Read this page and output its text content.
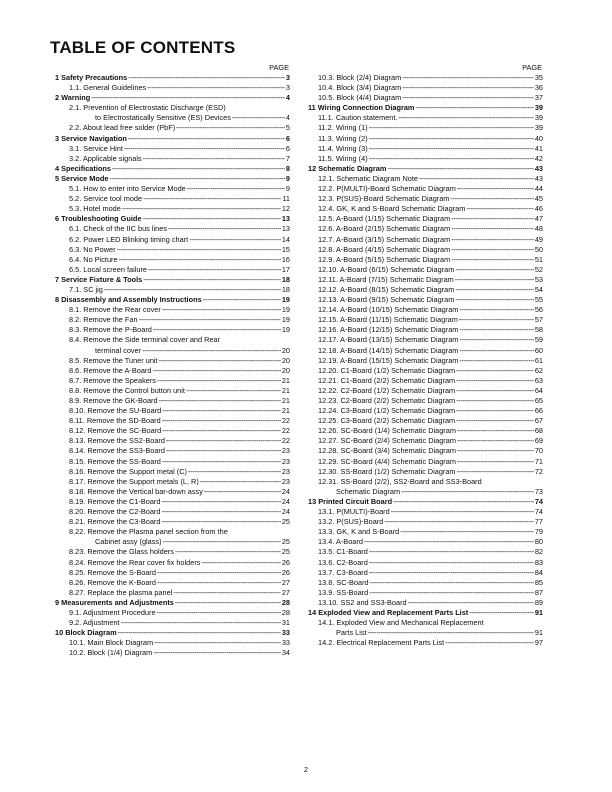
TABLE OF CONTENTS
PAGE
1 Safety Precautions -----	3
1.1. General Guidelines -----	3
2 Warning -----	4
2.1. Prevention of Electrostatic Discharge (ESD)
to Electrostatically Sensitive (ES) Devices -----	4
2.2. About lead free solder (PbF) -----	5
3 Service Navigation -----	6
3.1. Service Hint -----	6
3.2. Applicable signals -----	7
4 Specifications -----	8
5 Service Mode -----	9
5.1. How to enter into Service Mode -----	9
5.2. Service tool mode -----	11
5.3. Hotel mode -----	12
6 Troubleshooting Guide -----	13
6.1. Check of the IIC bus lines -----	13
6.2. Power LED Blinking timing chart -----	14
6.3. No Power -----	15
6.4. No Picture -----	16
6.5. Local screen failure -----	17
7 Service Fixture & Tools -----	18
7.1. SC jig -----	18
8 Disassembly and Assembly Instructions -----	19
8.1. Remove the Rear cover -----	19
8.2. Remove the Fan -----	19
8.3. Remove the P-Board -----	19
8.4. Remove the Side terminal cover and Rear
terminal cover -----	20
8.5. Remove the Tuner unit -----	20
8.6. Remove the A-Board -----	20
8.7. Remove the Speakers -----	21
8.8. Remove the Control button unit -----	21
8.9. Remove the GK-Board -----	21
8.10. Remove the SU-Board -----	21
8.11. Remove the SD-Board -----	22
8.12. Remove the SC-Board -----	22
8.13. Remove the SS2-Board -----	22
8.14. Remove the SS3-Board -----	23
8.15. Remove the SS-Board -----	23
8.16. Remove the Support metal (C) -----	23
8.17. Remove the Support metals (L, R) -----	23
8.18. Remove the Vertical bar-down assy -----	24
8.19. Remove the C1-Board -----	24
8.20. Remove the C2-Board -----	24
8.21. Remove the C3-Board -----	25
8.22. Remove the Plasma panel section from the
Cabinet assy (glass) -----	25
8.23. Remove the Glass holders -----	25
8.24. Remove the Rear cover fix holders -----	26
8.25. Remove the S-Board -----	26
8.26. Remove the K-Board -----	27
8.27. Replace the plasma panel -----	27
9 Measurements and Adjustments -----	28
9.1. Adjustment Procedure -----	28
9.2. Adjustment -----	31
10 Block Diagram -----	33
10.1. Main Block Diagram -----	33
10.2. Block (1/4) Diagram -----	34
PAGE
10.3. Block (2/4) Diagram -----	35
10.4. Block (3/4) Diagram -----	36
10.5. Block (4/4) Diagram -----	37
11 Wiring Connection Diagram -----	39
11.1. Caution statement. -----	39
11.2. Wiring (1) -----	39
11.3. Wiring (2) -----	40
11.4. Wiring (3) -----	41
11.5. Wiring (4) -----	42
12 Schematic Diagram -----	43
12.1. Schematic Diagram Note -----	43
12.2. P(MULTI)-Board Schematic Diagram -----	44
12.3. P(SUS)-Board Schematic Diagram -----	45
12.4. GK, K and S-Board Schematic Diagram -----	46
12.5. A-Board (1/15) Schematic Diagram -----	47
12.6. A-Board (2/15) Schematic Diagram -----	48
12.7. A-Board (3/15) Schematic Diagram -----	49
12.8. A-Board (4/15) Schematic Diagram -----	50
12.9. A-Board (5/15) Schematic Diagram -----	51
12.10. A-Board (6/15) Schematic Diagram -----	52
12.11. A-Board (7/15) Schematic Diagram -----	53
12.12. A-Board (8/15) Schematic Diagram -----	54
12.13. A-Board (9/15) Schematic Diagram -----	55
12.14. A-Board (10/15) Schematic Diagram -----	56
12.15. A-Board (11/15) Schematic Diagram -----	57
12.16. A-Board (12/15) Schematic Diagram -----	58
12.17. A-Board (13/15) Schematic Diagram -----	59
12.18. A-Board (14/15) Schematic Diagram -----	60
12.19. A-Board (15/15) Schematic Diagram -----	61
12.20. C1-Board (1/2) Schematic Diagram -----	62
12.21. C1-Board (2/2) Schematic Diagram -----	63
12.22. C2-Board (1/2) Schematic Diagram -----	64
12.23. C2-Board (2/2) Schematic Diagram -----	65
12.24. C3-Board (1/2) Schematic Diagram -----	66
12.25. C3-Board (2/2) Schematic Diagram -----	67
12.26. SC-Board (1/4) Schematic Diagram -----	68
12.27. SC-Board (2/4) Schematic Diagram -----	69
12.28. SC-Board (3/4) Schematic Diagram -----	70
12.29. SC-Board (4/4) Schematic Diagram -----	71
12.30. SS-Board (1/2) Schematic Diagram -----	72
12.31. SS-Board (2/2), SS2-Board and SS3-Board
Schematic Diagram -----	73
13 Printed Circuit Board -----	74
13.1. P(MULTI)-Board -----	74
13.2. P(SUS)-Board -----	77
13.3. GK, K and S-Board -----	79
13.4. A-Board -----	80
13.5. C1-Board -----	82
13.6. C2-Board -----	83
13.7. C3-Board -----	84
13.8. SC-Board -----	85
13.9. SS-Board -----	87
13.10. SS2 and SS3-Board -----	89
14 Exploded View and Replacement Parts List -----	91
14.1. Exploded View and Mechanical Replacement
Parts List -----	91
14.2. Electrical Replacement Parts List -----	97
2
